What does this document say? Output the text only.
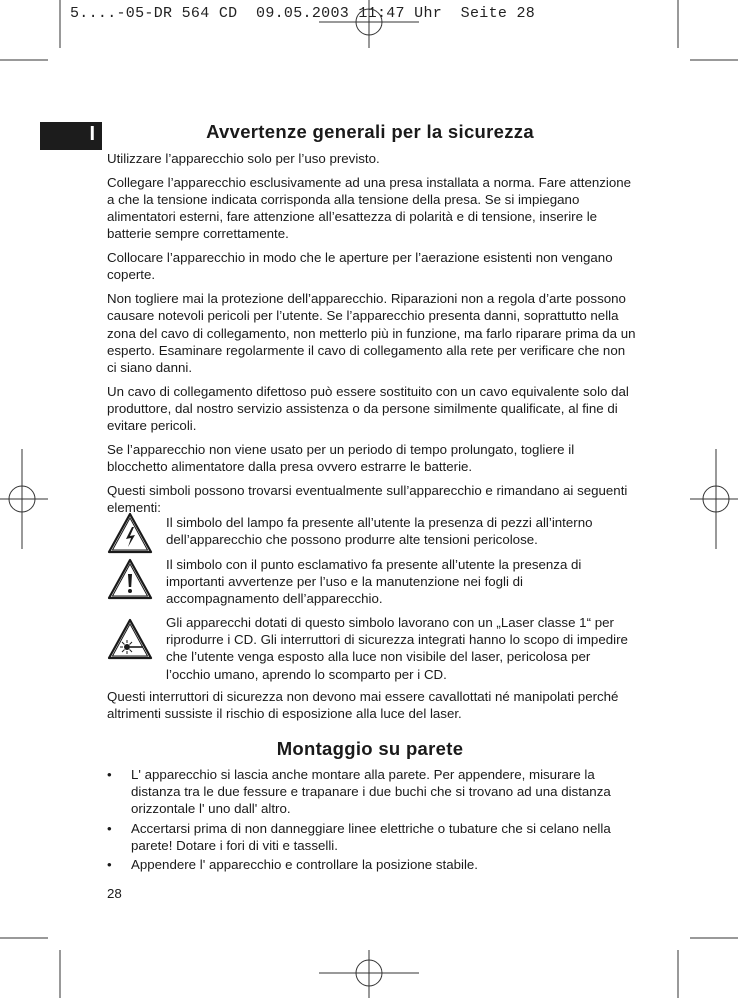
5....-05-DR 564 CD  09.05.2003 11:47 Uhr  Seite 28
I	Avvertenze generali per la sicurezza

Utilizzare l’apparecchio solo per l’uso previsto.

Collegare l’apparecchio esclusivamente ad una presa installata a norma. Fare attenzione a che la tensione indicata corrisponda alla tensione della presa. Se si impiegano alimentatori esterni, fare attenzione all’esattezza di polarità e di tensione, inserire le batterie sempre correttamente.

Collocare l’apparecchio in modo che le aperture per l’aerazione esistenti non vengano coperte.

Non togliere mai la protezione dell’apparecchio. Riparazioni non a regola d’arte possono causare notevoli pericoli per l’utente. Se l’apparecchio presenta danni, soprattutto nella zona del cavo di collegamento, non metterlo più in funzione, ma farlo riparare prima da un esperto. Esaminare regolarmente il cavo di collegamento alla rete per verificare che non ci siano danni.

Un cavo di collegamento difettoso può essere sostituito con un cavo equivalente solo dal produttore, dal nostro servizio assistenza o da persone similmente qualificate, al fine di evitare pericoli.

Se l’apparecchio non viene usato per un periodo di tempo prolungato, togliere il blocchetto alimentatore dalla presa ovvero estrarre le batterie.

Questi simboli possono trovarsi eventualmente sull’apparecchio e rimandano ai seguenti elementi:

Il simbolo del lampo fa presente all’utente la presenza di pezzi all’interno dell’apparecchio che possono produrre alte tensioni pericolose.
Il simbolo con il punto esclamativo fa presente all’utente la presenza di importanti avvertenze per l’uso e la manutenzione nei fogli di accompagnamento dell’apparecchio.
Gli apparecchi dotati di questo simbolo lavorano con un „Laser classe 1“ per riprodurre i CD. Gli interruttori di sicurezza integrati hanno lo scopo di impedire che l’utente venga esposto alla luce non visibile del laser, pericolosa per l’occhio umano, aprendo lo scomparto per i CD.

Questi interruttori di sicurezza non devono mai essere cavallottati né manipolati perché altrimenti sussiste il rischio di esposizione alla luce del laser.

Montaggio su parete
• L' apparecchio si lascia anche montare alla parete. Per appendere, misurare la distanza tra le due fessure e trapanare i due buchi che si trovano ad una distanza orizzontale l' uno dall' altro.
• Accertarsi prima di non danneggiare linee elettriche o tubature che si celano nella parete! Dotare i fori di viti e tasselli.
• Appendere l' apparecchio e controllare la posizione stabile.
28
